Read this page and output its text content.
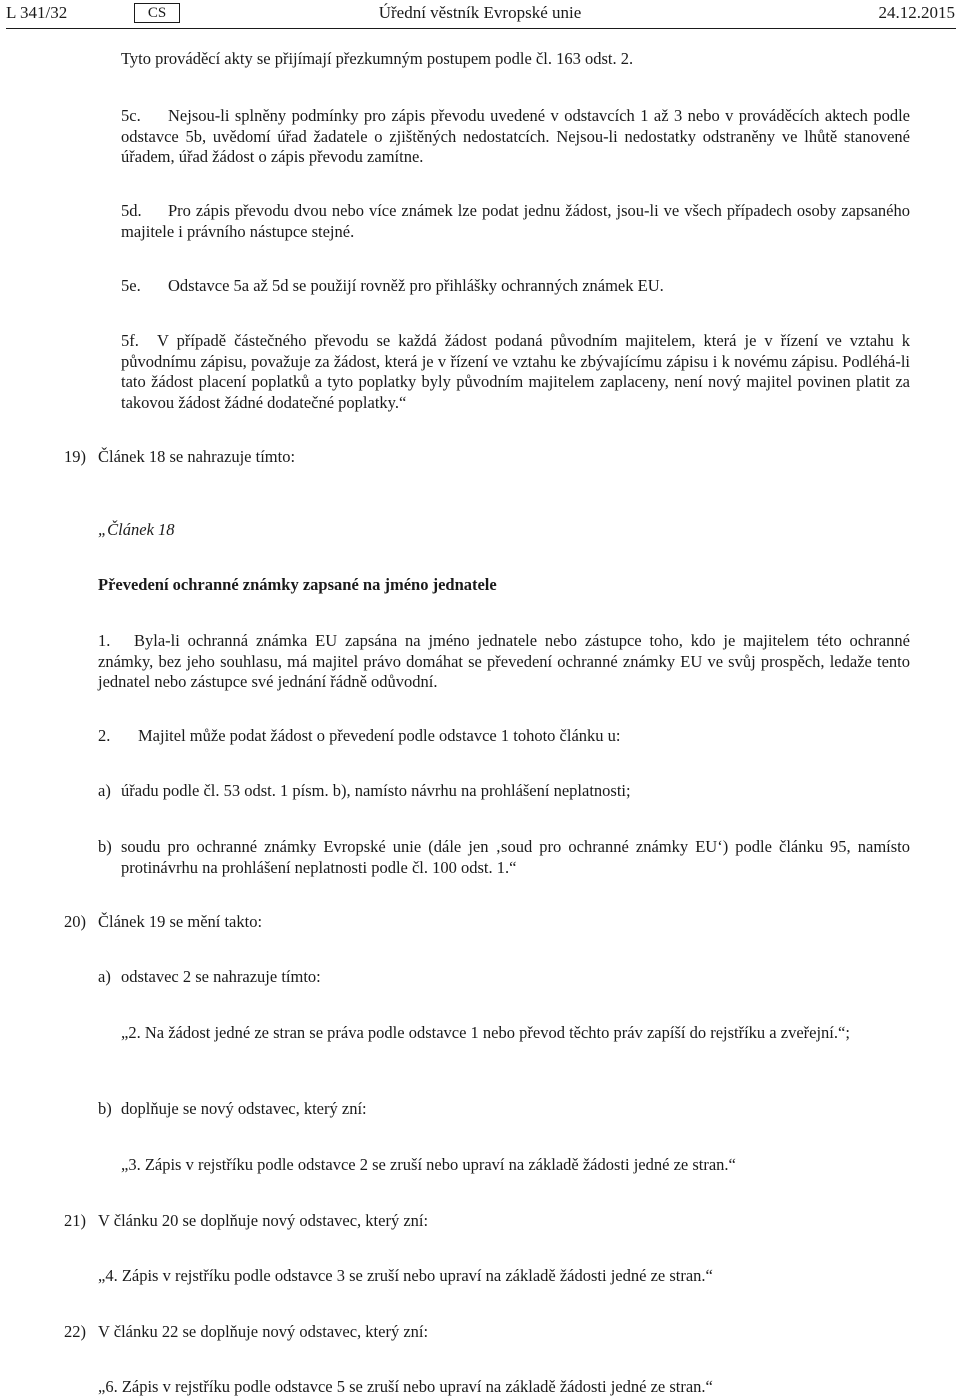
L 341/32	CS	Úřední věstník Evropské unie	24.12.2015
Tyto prováděcí akty se přijímají přezkumným postupem podle čl. 163 odst. 2.
5c. Nejsou-li splněny podmínky pro zápis převodu uvedené v odstavcích 1 až 3 nebo v prováděcích aktech podle odstavce 5b, uvědomí úřad žadatele o zjištěných nedostatcích. Nejsou-li nedostatky odstraněny ve lhůtě stanovené úřadem, úřad žádost o zápis převodu zamítne.
5d. Pro zápis převodu dvou nebo více známek lze podat jednu žádost, jsou-li ve všech případech osoby zapsaného majitele i právního nástupce stejné.
5e. Odstavce 5a až 5d se použijí rovněž pro přihlášky ochranných známek EU.
5f. V případě částečného převodu se každá žádost podaná původním majitelem, která je v řízení ve vztahu k původnímu zápisu, považuje za žádost, která je v řízení ve vztahu ke zbývajícímu zápisu i k novému zápisu. Podléhá-li tato žádost placení poplatků a tyto poplatky byly původním majitelem zaplaceny, není nový majitel povinen platit za takovou žádost žádné dodatečné poplatky.“
19) Článek 18 se nahrazuje tímto:
„Článek 18
Převedení ochranné známky zapsané na jméno jednatele
1. Byla-li ochranná známka EU zapsána na jméno jednatele nebo zástupce toho, kdo je majitelem této ochranné známky, bez jeho souhlasu, má majitel právo domáhat se převedení ochranné známky EU ve svůj prospěch, ledaže tento jednatel nebo zástupce své jednání řádně odůvodní.
2. Majitel může podat žádost o převedení podle odstavce 1 tohoto článku u:
a) úřadu podle čl. 53 odst. 1 písm. b), namísto návrhu na prohlášení neplatnosti;
b) soudu pro ochranné známky Evropské unie (dále jen ‚soud pro ochranné známky EU‘) podle článku 95, namísto protinávrhu na prohlášení neplatnosti podle čl. 100 odst. 1.“
20) Článek 19 se mění takto:
a) odstavec 2 se nahrazuje tímto:
„2. Na žádost jedné ze stran se práva podle odstavce 1 nebo převod těchto práv zapíší do rejstříku a zveřejní.“;
b) doplňuje se nový odstavec, který zní:
„3. Zápis v rejstříku podle odstavce 2 se zruší nebo upraví na základě žádosti jedné ze stran.“
21) V článku 20 se doplňuje nový odstavec, který zní:
„4. Zápis v rejstříku podle odstavce 3 se zruší nebo upraví na základě žádosti jedné ze stran.“
22) V článku 22 se doplňuje nový odstavec, který zní:
„6. Zápis v rejstříku podle odstavce 5 se zruší nebo upraví na základě žádosti jedné ze stran.“
